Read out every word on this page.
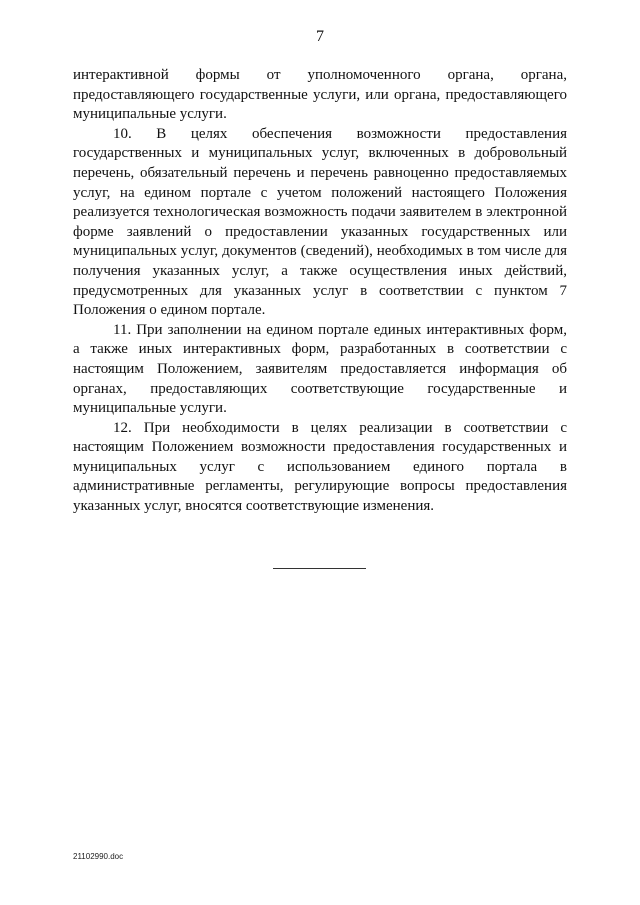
7

интерактивной формы от уполномоченного органа, органа, предоставляющего государственные услуги, или органа, предоставляющего муниципальные услуги.

10. В целях обеспечения возможности предоставления государственных и муниципальных услуг, включенных в добровольный перечень, обязательный перечень и перечень равноценно предоставляемых услуг, на едином портале с учетом положений настоящего Положения реализуется технологическая возможность подачи заявителем в электронной форме заявлений о предоставлении указанных государственных или муниципальных услуг, документов (сведений), необходимых в том числе для получения указанных услуг, а также осуществления иных действий, предусмотренных для указанных услуг в соответствии с пунктом 7 Положения о едином портале.

11. При заполнении на едином портале единых интерактивных форм, а также иных интерактивных форм, разработанных в соответствии с настоящим Положением, заявителям предоставляется информация об органах, предоставляющих соответствующие государственные и муниципальные услуги.

12. При необходимости в целях реализации в соответствии с настоящим Положением возможности предоставления государственных и муниципальных услуг с использованием единого портала в административные регламенты, регулирующие вопросы предоставления указанных услуг, вносятся соответствующие изменения.

21102990.doc
